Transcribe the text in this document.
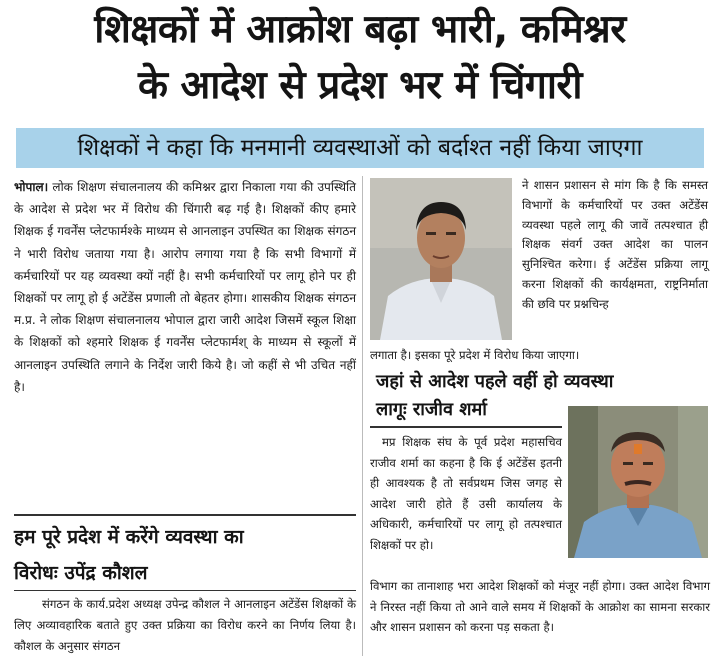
शिक्षकों में आक्रोश बढ़ा भारी, कमिश्नर
के आदेश से प्रदेश भर में चिंगारी
शिक्षकों ने कहा कि मनमानी व्यवस्थाओं को बर्दाश्त नहीं किया जाएगा
भोपाल। लोक शिक्षण संचालनालय की कमिश्नर द्वारा निकाला गया की उपस्थिति के आदेश से प्रदेश भर में विरोध की चिंगारी बढ़ गई है। शिक्षकों कीए हमारे शिक्षक ई गवर्नेंस प्लेटफार्मश्के माध्यम से आनलाइन उपस्थित का शिक्षक संगठन ने भारी विरोध जताया गया है। आरोप लगाया गया है कि सभी विभागों में कर्मचारियों पर यह व्यवस्था क्यों नहीं है। सभी कर्मचारियों पर लागू होने पर ही शिक्षकों पर लागू हो ई अटेंडेंस प्रणाली तो बेहतर होगा। शासकीय शिक्षक संगठन म.प्र. ने लोक शिक्षण संचालनालय भोपाल द्वारा जारी आदेश जिसमें स्कूल शिक्षा के शिक्षकों को श्हमारे शिक्षक ई गवर्नेंस प्लेटफार्मश् के माध्यम से स्कूलों में आनलाइन उपस्थिति लगाने के निर्देश जारी किये है। जो कहीं से भी उचित नहीं है।
हम पूरे प्रदेश में करेंगे व्यवस्था का
विरोधः उपेंद्र कौशल
संगठन के कार्य.प्रदेश अध्यक्ष उपेन्द्र कौशल ने आनलाइन अटेंडेंस शिक्षकों के लिए अव्यावहारिक बताते हुए उक्त प्रक्रिया का विरोध करने का निर्णय लिया है। कौशल के अनुसार संगठन
ने शासन प्रशासन से मांग कि है कि समस्त विभागों के कर्मचारियों पर उक्त अटेंडेंस व्यवस्था पहले लागू की जावें तत्पश्चात ही शिक्षक संवर्ग उक्त आदेश का पालन सुनिश्चित करेगा। ई अटेंडेंस प्रक्रिया लागू करना शिक्षकों की कार्यक्षमता, राष्ट्रनिर्माता की छवि पर प्रश्नचिन्ह
लगाता है। इसका पूरे प्रदेश में विरोध किया जाएगा।
जहां से आदेश पहले वहीं हो व्यवस्था
लागूः राजीव शर्मा
मप्र शिक्षक संघ के पूर्व प्रदेश महासचिव राजीव शर्मा का कहना है कि ई अटेंडेंस इतनी ही आवश्यक है तो सर्वप्रथम जिस जगह से आदेश जारी होते हैं उसी कार्यालय के अधिकारी, कर्मचारियों पर लागू हो तत्पश्चात शिक्षकों पर हो।
विभाग का तानाशाह भरा आदेश शिक्षकों को मंजूर नहीं होगा। उक्त आदेश विभाग ने निरस्त नहीं किया तो आने वाले समय में शिक्षकों के आक्रोश का सामना सरकार और शासन प्रशासन को करना पड़ सकता है।
